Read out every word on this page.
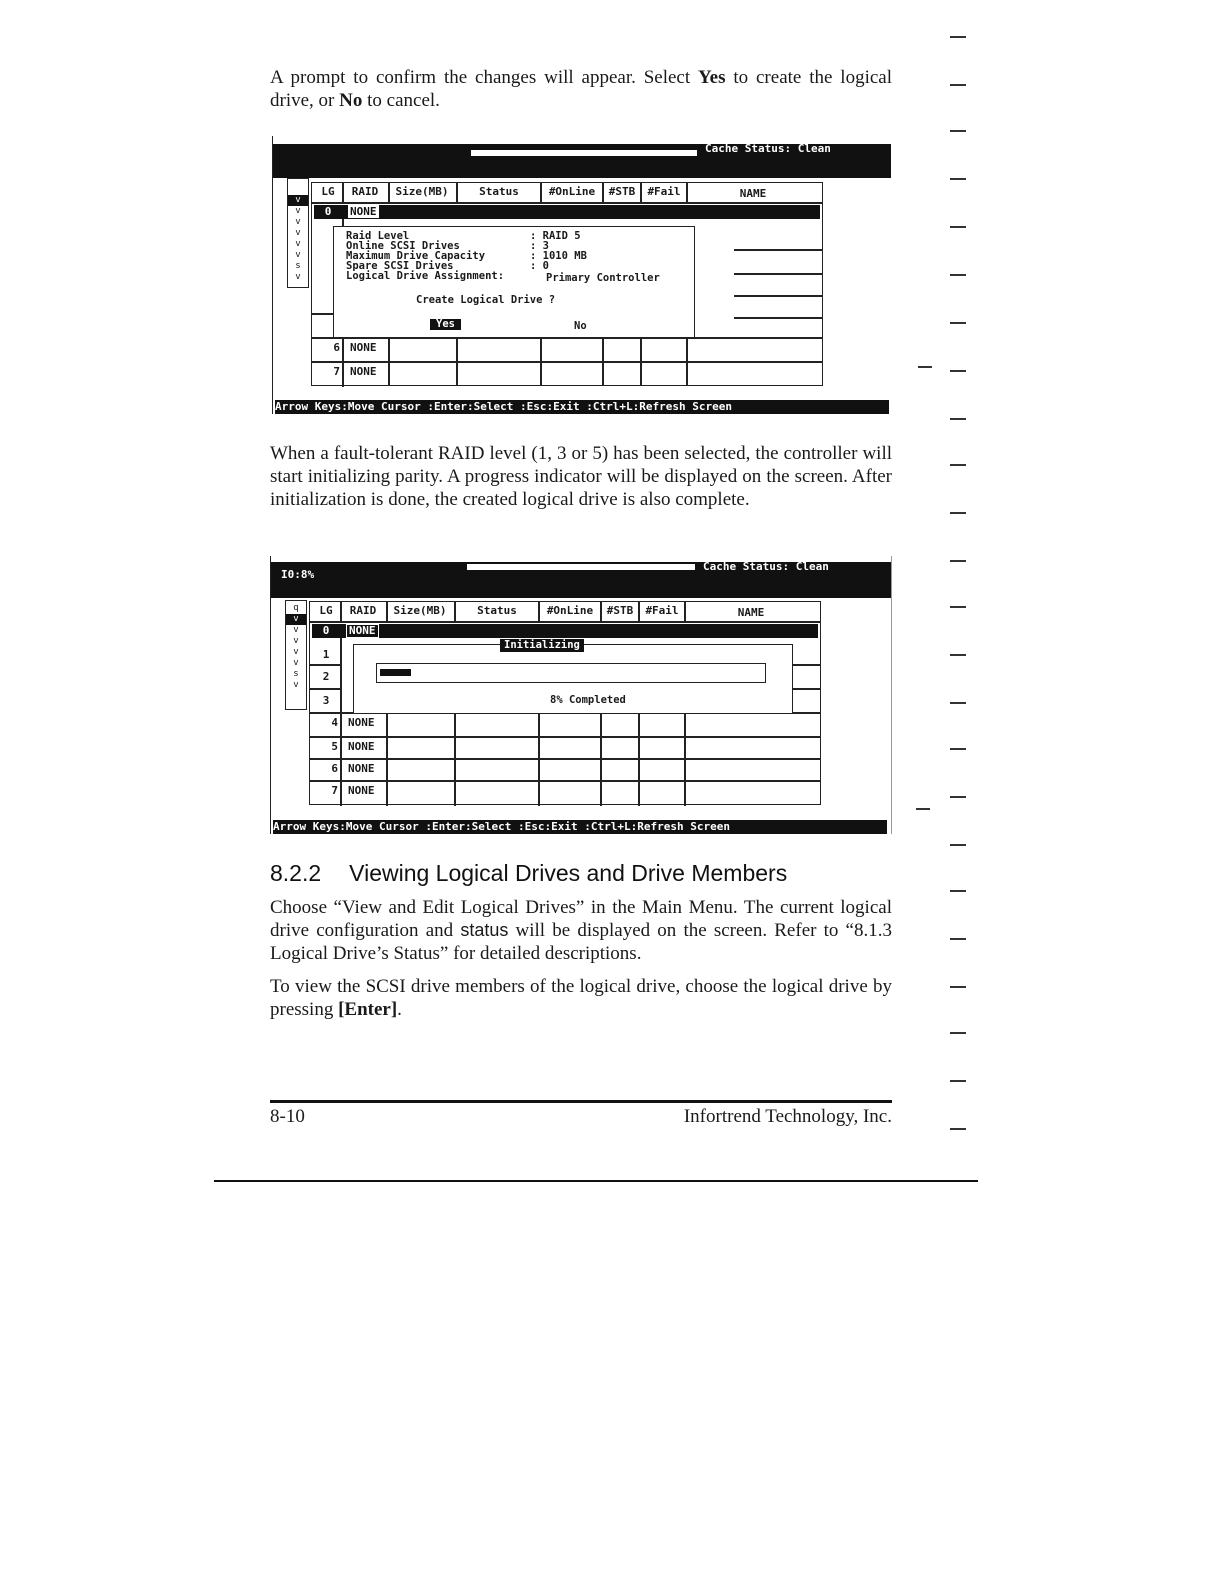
A prompt to confirm the changes will appear. Select Yes to create the logical drive, or No to cancel.

Cache Status: Clean
v
v
v
v
v
v
s
v
LG	RAID	Size(MB)	Status	#OnLine	#STB	#Fail	NAME
0	NONE
6 NONE
7 NONE
Raid Level	: RAID 5
Online SCSI Drives	: 3
Maximum Drive Capacity	: 1010 MB
Spare SCSI Drives	: 0
Logical Drive Assignment:	Primary Controller
Create Logical Drive ?
Yes	No
Arrow Keys:Move Cursor :Enter:Select :Esc:Exit :Ctrl+L:Refresh Screen

When a fault-tolerant RAID level (1, 3 or 5) has been selected, the controller will start initializing parity. A progress indicator will be displayed on the screen. After initialization is done, the created logical drive is also complete.

I0:8%
Cache Status: Clean
q
v
v
v
v
v
s
v
LG	RAID	Size(MB)	Status	#OnLine	#STB	#Fail	NAME
0	NONE
1
2
3
4 NONE
5 NONE
6 NONE
7 NONE
Initializing
8% Completed
Arrow Keys:Move Cursor :Enter:Select :Esc:Exit :Ctrl+L:Refresh Screen
8.2.2 Viewing Logical Drives and Drive Members

Choose “View and Edit Logical Drives” in the Main Menu. The current logical drive configuration and status will be displayed on the screen. Refer to “8.1.3 Logical Drive’s Status” for detailed descriptions.

To view the SCSI drive members of the logical drive, choose the logical drive by pressing [Enter].

8-10	Infortrend Technology, Inc.
